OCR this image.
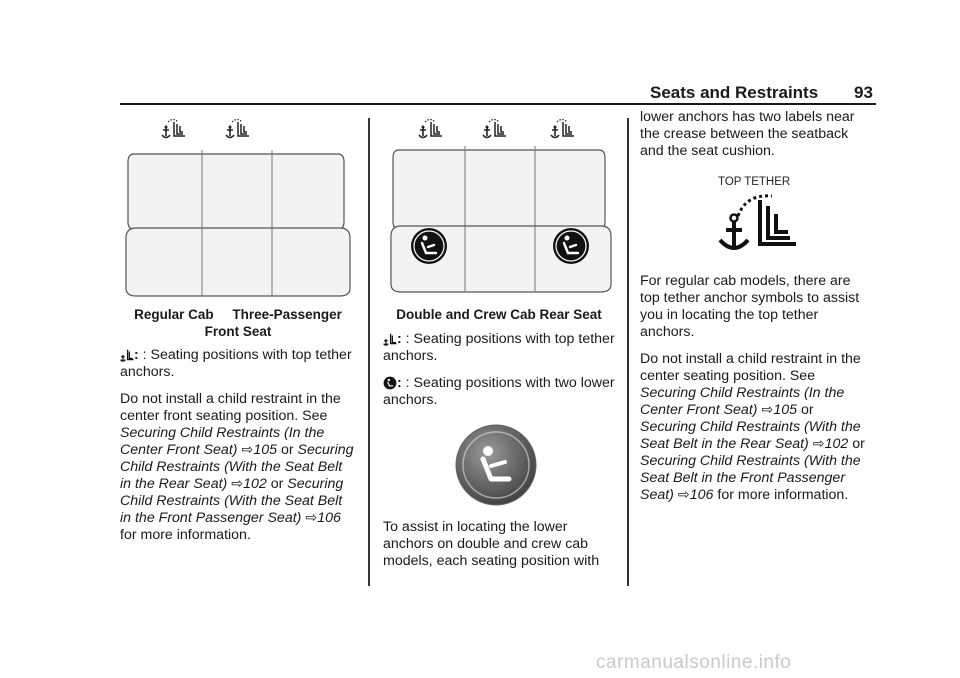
Seats and Restraints 93
Regular Cab     Three-Passenger
Front Seat

: : Seating positions with top tether anchors.

Do not install a child restraint in the center front seating position. See Securing Child Restraints (In the Center Front Seat) ⇨105 or Securing Child Restraints (With the Seat Belt in the Rear Seat) ⇨102 or Securing Child Restraints (With the Seat Belt in the Front Passenger Seat) ⇨106 for more information.

Double and Crew Cab Rear Seat

: : Seating positions with top tether anchors.

: : Seating positions with two lower anchors.

To assist in locating the lower anchors on double and crew cab models, each seating position with

lower anchors has two labels near the crease between the seatback and the seat cushion.

TOP TETHER

For regular cab models, there are top tether anchor symbols to assist you in locating the top tether anchors.

Do not install a child restraint in the center seating position. See Securing Child Restraints (In the Center Front Seat) ⇨105 or Securing Child Restraints (With the Seat Belt in the Rear Seat) ⇨102 or Securing Child Restraints (With the Seat Belt in the Front Passenger Seat) ⇨106 for more information.

carmanualsonline.info
